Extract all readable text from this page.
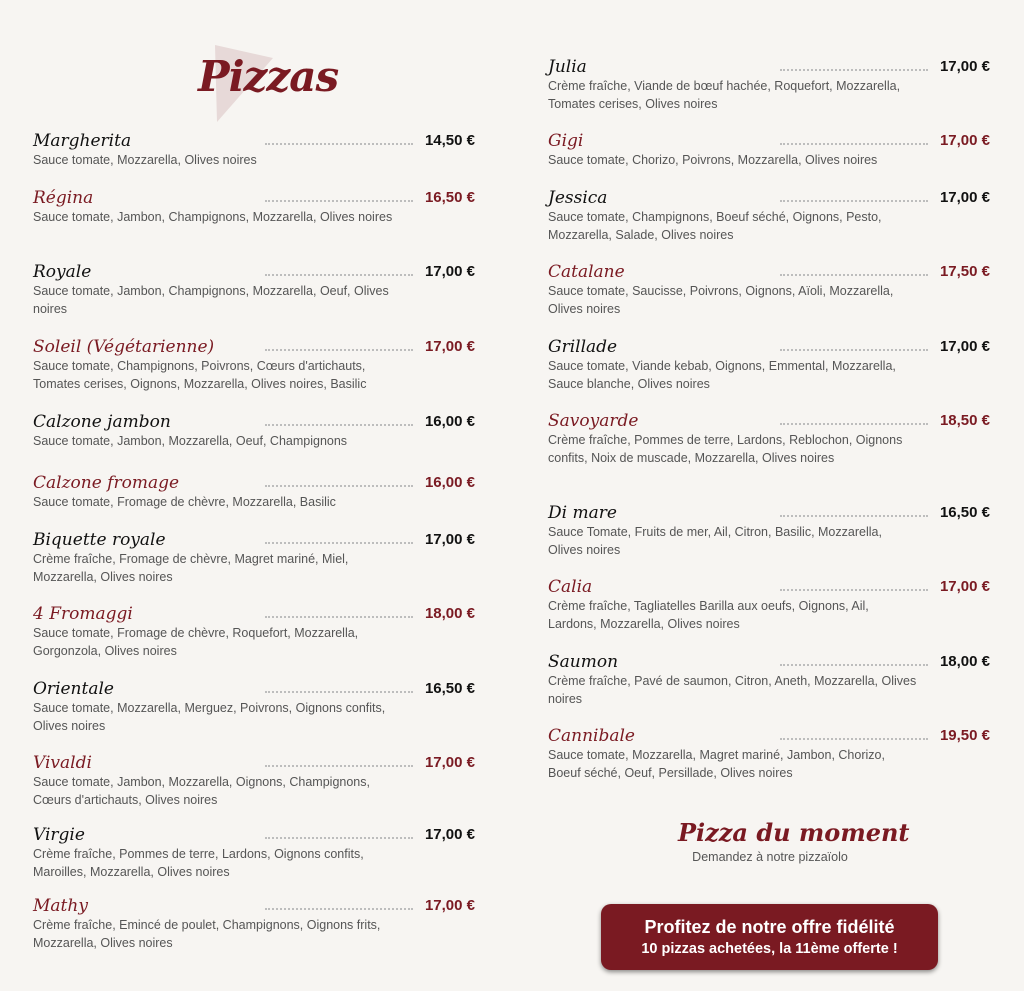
Pizzas
Margherita	14,50 €
Sauce tomate, Mozzarella, Olives noires
Régina	16,50 €
Sauce tomate, Jambon, Champignons, Mozzarella, Olives noires
Royale	17,00 €
Sauce tomate, Jambon, Champignons, Mozzarella, Oeuf, Olives noires
Soleil (Végétarienne)	17,00 €
Sauce tomate, Champignons, Poivrons, Cœurs d'artichauts, Tomates cerises, Oignons, Mozzarella, Olives noires, Basilic
Calzone jambon	16,00 €
Sauce tomate, Jambon, Mozzarella, Oeuf, Champignons
Calzone fromage	16,00 €
Sauce tomate, Fromage de chèvre, Mozzarella, Basilic
Biquette royale	17,00 €
Crème fraîche, Fromage de chèvre, Magret mariné, Miel, Mozzarella, Olives noires
4 Fromaggi	18,00 €
Sauce tomate, Fromage de chèvre, Roquefort, Mozzarella, Gorgonzola, Olives noires
Orientale	16,50 €
Sauce tomate, Mozzarella, Merguez, Poivrons, Oignons confits, Olives noires
Vivaldi	17,00 €
Sauce tomate, Jambon, Mozzarella, Oignons, Champignons, Cœurs d'artichauts, Olives noires
Virgie	17,00 €
Crème fraîche, Pommes de terre, Lardons, Oignons confits, Maroilles, Mozzarella, Olives noires
Mathy	17,00 €
Crème fraîche, Emincé de poulet, Champignons, Oignons frits, Mozzarella, Olives noires
Julia	17,00 €
Crème fraîche, Viande de bœuf hachée, Roquefort, Mozzarella, Tomates cerises, Olives noires
Gigi	17,00 €
Sauce tomate, Chorizo, Poivrons, Mozzarella, Olives noires
Jessica	17,00 €
Sauce tomate, Champignons, Boeuf séché, Oignons, Pesto, Mozzarella, Salade, Olives noires
Catalane	17,50 €
Sauce tomate, Saucisse, Poivrons, Oignons, Aïoli, Mozzarella, Olives noires
Grillade	17,00 €
Sauce tomate, Viande kebab, Oignons, Emmental, Mozzarella, Sauce blanche, Olives noires
Savoyarde	18,50 €
Crème fraîche, Pommes de terre, Lardons, Reblochon, Oignons confits, Noix de muscade, Mozzarella, Olives noires
Di mare	16,50 €
Sauce Tomate, Fruits de mer, Ail, Citron, Basilic, Mozzarella, Olives noires
Calia	17,00 €
Crème fraîche, Tagliatelles Barilla aux oeufs, Oignons, Ail, Lardons, Mozzarella, Olives noires
Saumon	18,00 €
Crème fraîche, Pavé de saumon, Citron, Aneth, Mozzarella, Olives noires
Cannibale	19,50 €
Sauce tomate, Mozzarella, Magret mariné, Jambon, Chorizo, Boeuf séché, Oeuf, Persillade, Olives noires
Pizza du moment
Demandez à notre pizzaïolo
Profitez de notre offre fidélité
10 pizzas achetées, la 11ème offerte !
